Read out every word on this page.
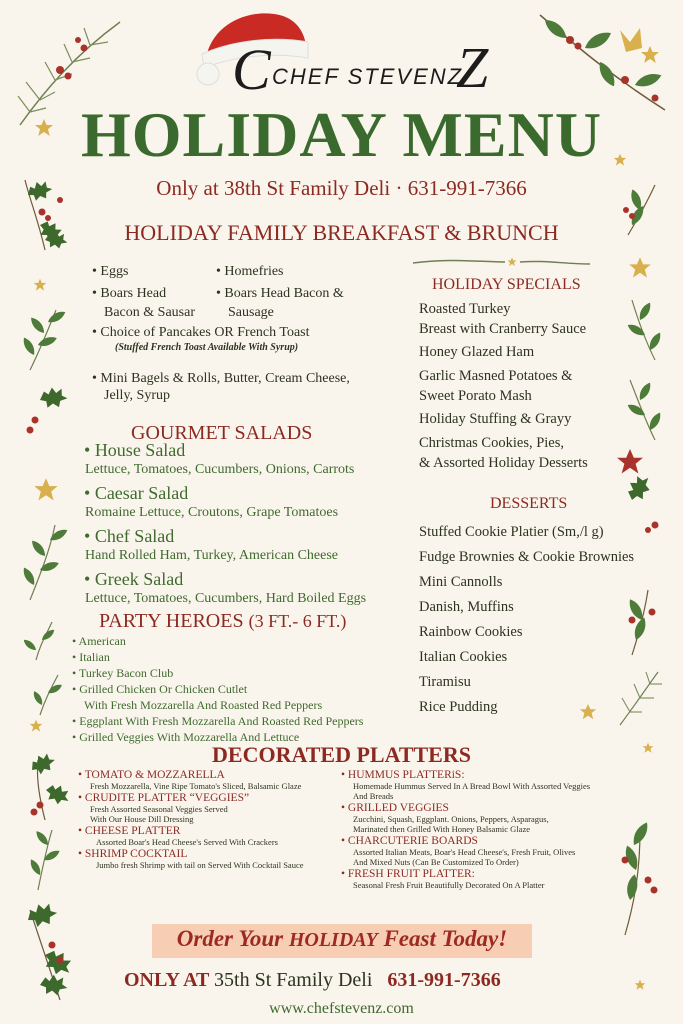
C	Z
CHEF STEVENZ
HOLIDAY MENU
Only at 38th St Family Deli · 631-991-7366
HOLIDAY FAMILY BREAKFAST & BRUNCH
• Eggs
• Boars Head
Bacon & Sausar
• Homefries
• Boars Head Bacon &
Sausage
• Choice of Pancakes OR French Toast
(Stuffed French Toast Available With Syrup)
• Mini Bagels & Rolls, Butter, Cream Cheese,
Jelly, Syrup
HOLIDAY SPECIALS
Roasted Turkey
Breast with Cranberry Sauce
Honey Glazed Ham
Garlic Masned Potatoes &
Sweet Porato Mash
Holiday Stuffing & Grayy
Christmas Cookies, Pies,
& Assorted Holiday Desserts
GOURMET SALADS
• House Salad
Lettuce, Tomatoes, Cucumbers, Onions, Carrots
• Caesar Salad
Romaine Lettuce, Croutons, Grape Tomatoes
• Chef Salad
Hand Rolled Ham, Turkey, American Cheese
• Greek Salad
Lettuce, Tomatoes, Cucumbers, Hard Boiled Eggs
DESSERTS
Stuffed Cookie Platier (Sm,/l g)
Fudge Brownies & Cookie Brownies
Mini Cannolls
Danish, Muffins
Rainbow Cookies
Italian Cookies
Tiramisu
Rice Pudding
PARTY HEROES (3 FT.- 6 FT.)
• American
• Italian
• Turkey Bacon Club
• Grilled Chicken Or Chicken Cutlet
With Fresh Mozzarella And Roasted Red Peppers
• Eggplant With Fresh Mozzarella And Roasted Red Peppers
• Grilled Veggies With Mozzarella And Lettuce
DECORATED PLATTERS
• TOMATO & MOZZARELLA
Fresh Mozzarella, Vine Ripe Tomato's Sliced, Balsamic Glaze
• CRUDITE PLATTER “VEGGIES”
Fresh Assorted Seasonal Veggies Served
With Our House Dill Dressing
• CHEESE PLATTER
Assorted Boar's Head Cheese's Served With Crackers
• SHRIMP COCKTAIL
Jumbo fresh Shrimp with tail on Served With Cocktail Sauce
• HUMMUS PLATTERiS:
Homemade Hummus Served In A Bread Bowl With Assorted Veggies
And Breads
• GRILLED VEGGIES
Zucchini, Squash, Eggplant. Onions, Peppers, Asparagus,
Marinated then Grilled With Honey Balsamic Glaze
• CHARCUTERIE BOARDS
Assorted Italian Meats, Boar's Head Cheese's, Fresh Fruit, Olives
And Mixed Nuts (Can Be Customized To Order)
• FRESH FRUIT PLATTER:
Seasonal Fresh Fruit Beautifully Decorated On A Platter
Order Your HOLIDAY Feast Today!
ONLY AT 35th St Family Deli 631-991-7366
www.chefstevenz.com
